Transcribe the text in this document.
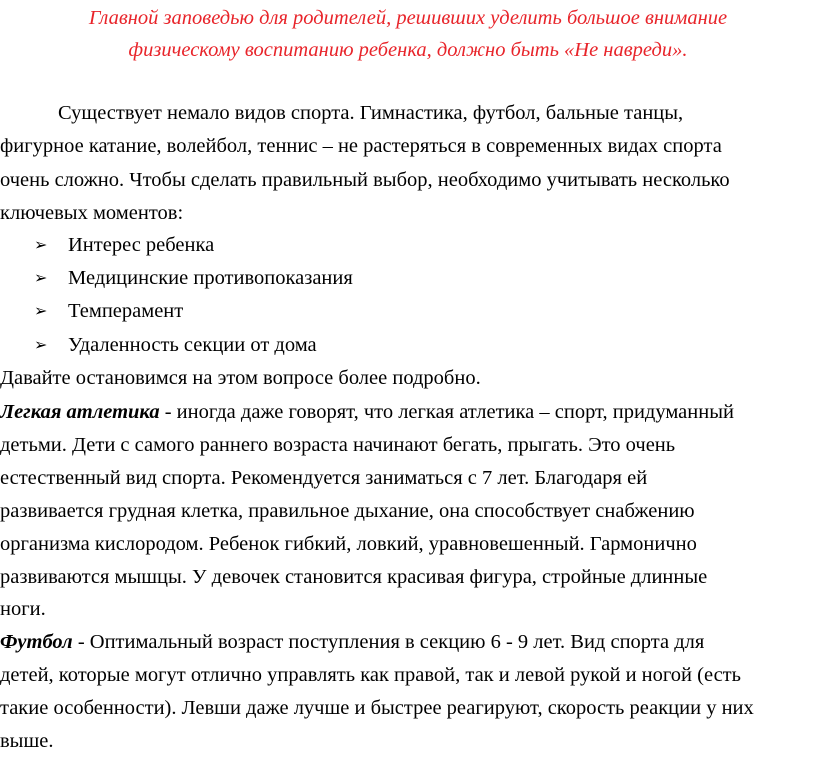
Главной заповедью для родителей, решивших уделить большое внимание
физическому воспитанию ребенка, должно быть «Не навреди».
Существует немало видов спорта. Гимнастика, футбол, бальные танцы,
фигурное катание, волейбол, теннис – не растеряться в современных видах спорта
очень сложно. Чтобы сделать правильный выбор, необходимо учитывать несколько
ключевых моментов:
➢ Интерес ребенка
➢ Медицинские противопоказания
➢ Темперамент
➢ Удаленность секции от дома
Давайте остановимся на этом вопросе более подробно.
Легкая атлетика - иногда даже говорят, что легкая атлетика – спорт, придуманный
детьми. Дети с самого раннего возраста начинают бегать, прыгать. Это очень
естественный вид спорта. Рекомендуется заниматься с 7 лет. Благодаря ей
развивается грудная клетка, правильное дыхание, она способствует снабжению
организма кислородом. Ребенок гибкий, ловкий, уравновешенный. Гармонично
развиваются мышцы. У девочек становится красивая фигура, стройные длинные
ноги.
Футбол - Оптимальный возраст поступления в секцию 6 - 9 лет. Вид спорта для
детей, которые могут отлично управлять как правой, так и левой рукой и ногой (есть
такие особенности). Левши даже лучше и быстрее реагируют, скорость реакции у них
выше.
